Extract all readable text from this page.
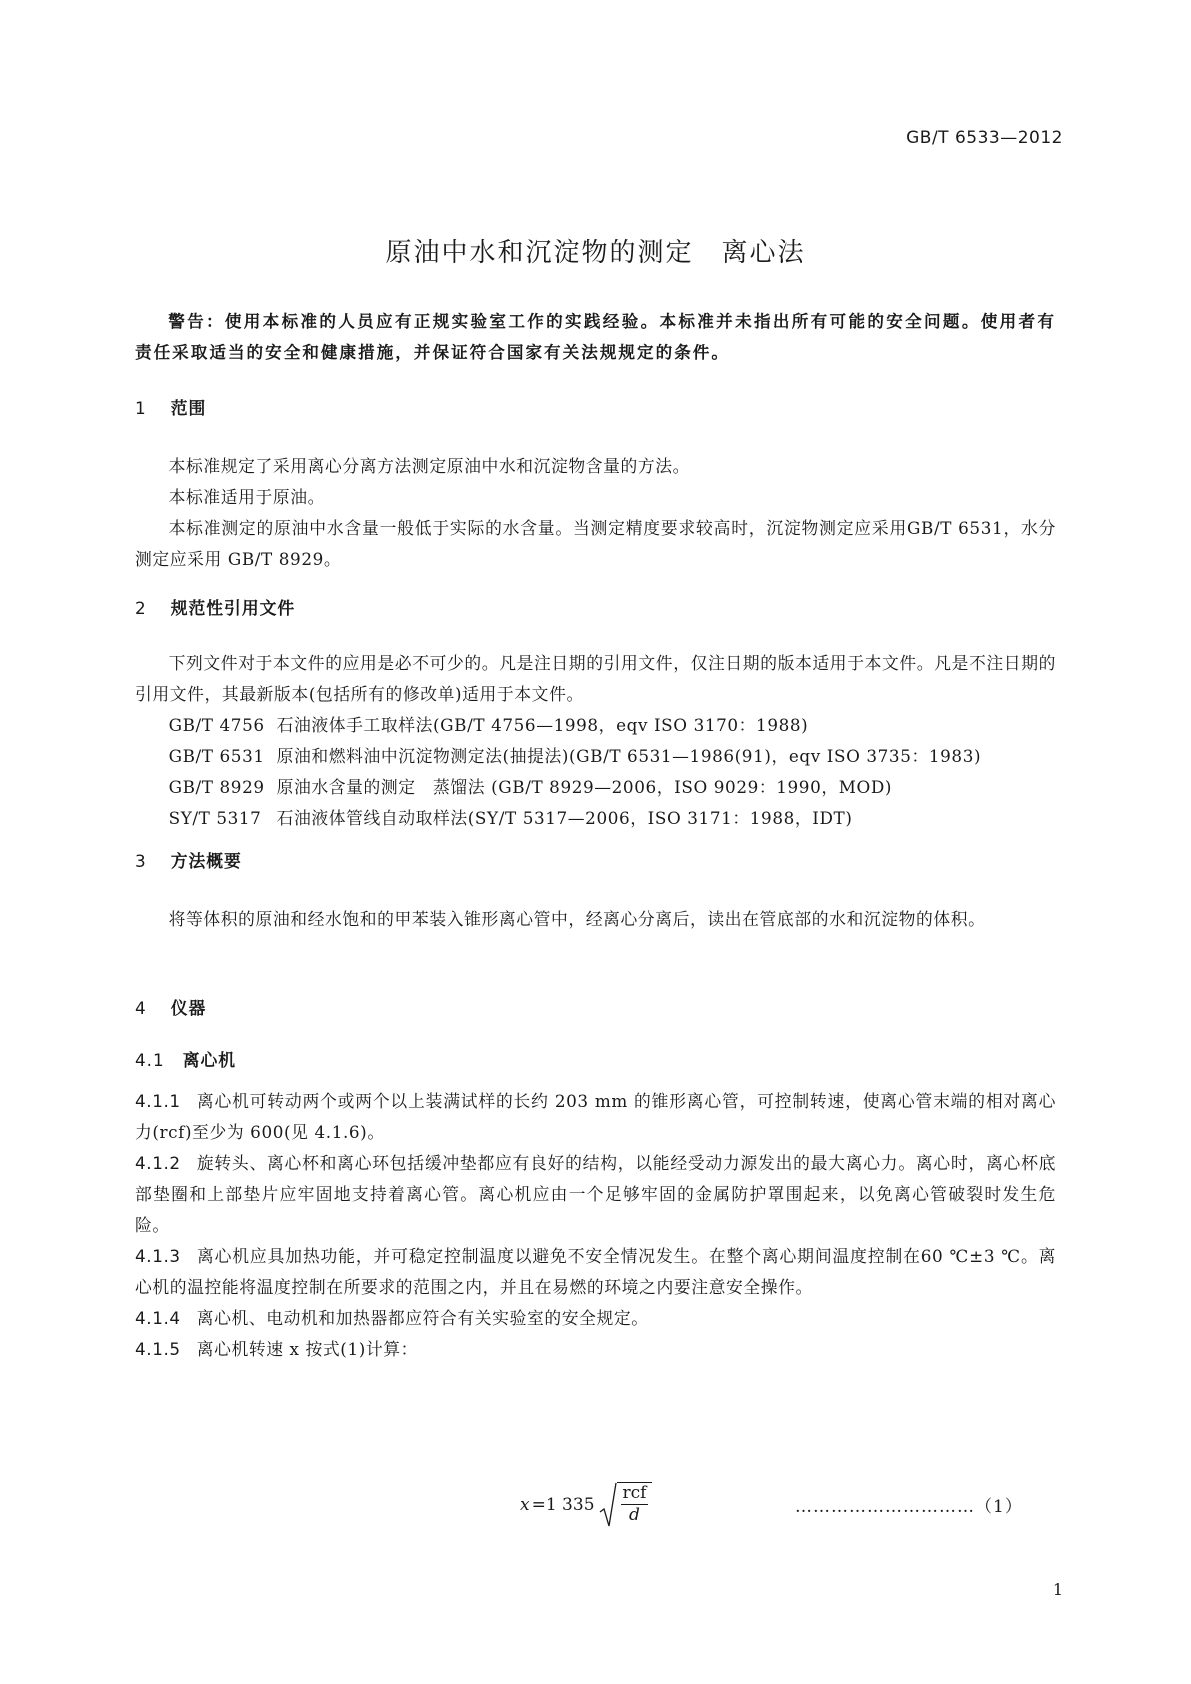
GB/T 6533—2012
原油中水和沉淀物的测定　离心法
警告：使用本标准的人员应有正规实验室工作的实践经验。本标准并未指出所有可能的安全问题。使用者有责任采取适当的安全和健康措施，并保证符合国家有关法规规定的条件。
1 范围
本标准规定了采用离心分离方法测定原油中水和沉淀物含量的方法。
本标准适用于原油。
本标准测定的原油中水含量一般低于实际的水含量。当测定精度要求较高时，沉淀物测定应采用GB/T 6531，水分测定应采用 GB/T 8929。
2 规范性引用文件
下列文件对于本文件的应用是必不可少的。凡是注日期的引用文件，仅注日期的版本适用于本文件。凡是不注日期的引用文件，其最新版本(包括所有的修改单)适用于本文件。
GB/T 4756 石油液体手工取样法(GB/T 4756—1998，eqv ISO 3170：1988)
GB/T 6531 原油和燃料油中沉淀物测定法(抽提法)(GB/T 6531—1986(91)，eqv ISO 3735：1983)
GB/T 8929 原油水含量的测定　蒸馏法 (GB/T 8929—2006，ISO 9029：1990，MOD)
SY/T 5317 石油液体管线自动取样法(SY/T 5317—2006，ISO 3171：1988，IDT)
3 方法概要
将等体积的原油和经水饱和的甲苯装入锥形离心管中，经离心分离后，读出在管底部的水和沉淀物的体积。
4 仪器
4.1 离心机
4.1.1 离心机可转动两个或两个以上装满试样的长约 203 mm 的锥形离心管，可控制转速，使离心管末端的相对离心力(rcf)至少为 600(见 4.1.6)。
4.1.2 旋转头、离心杯和离心环包括缓冲垫都应有良好的结构，以能经受动力源发出的最大离心力。离心时，离心杯底部垫圈和上部垫片应牢固地支持着离心管。离心机应由一个足够牢固的金属防护罩围起来，以免离心管破裂时发生危险。
4.1.3 离心机应具加热功能，并可稳定控制温度以避免不安全情况发生。在整个离心期间温度控制在60 ℃±3 ℃。离心机的温控能将温度控制在所要求的范围之内，并且在易燃的环境之内要注意安全操作。
4.1.4 离心机、电动机和加热器都应符合有关实验室的安全规定。
4.1.5 离心机转速 x 按式(1)计算：
x =1 $335 \frac{\text{rcf}}{d}$	…………………………（1）
1
